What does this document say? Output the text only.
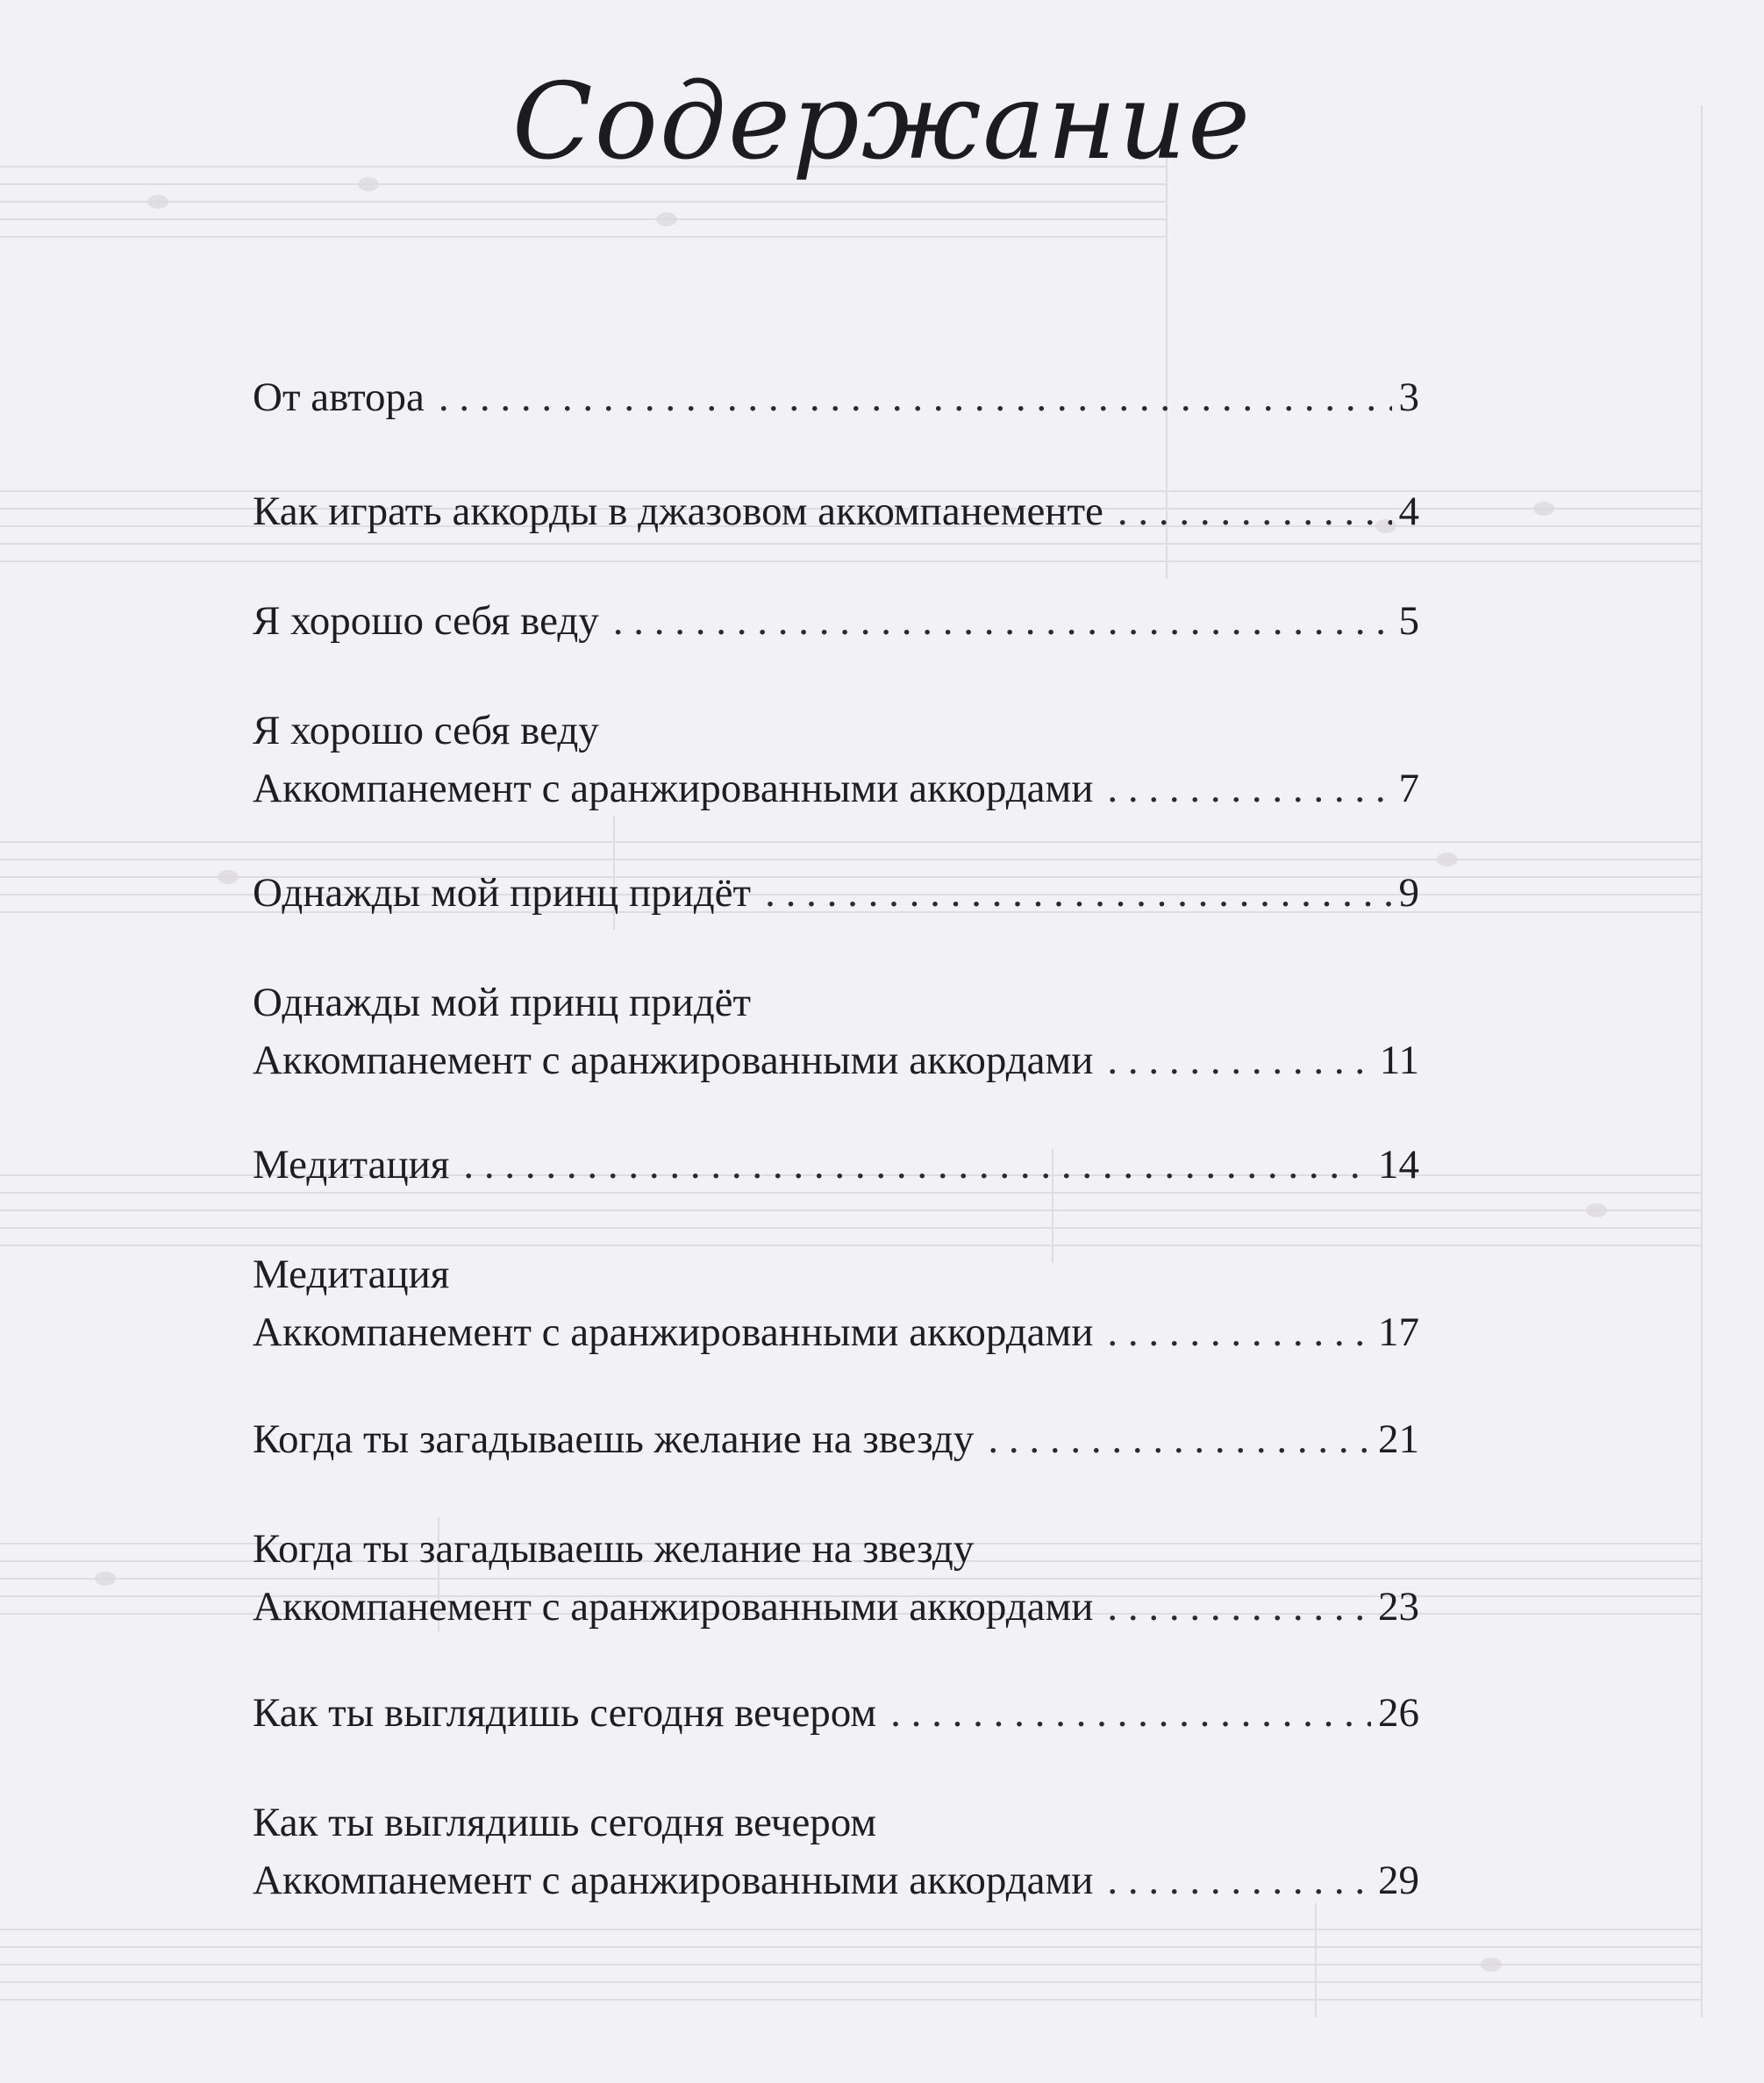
Содержание
От автора . . .	3
Как играть аккорды в джазовом аккомпанементе . . .	4
Я хорошо себя веду . . .	5
Я хорошо себя веду
Аккомпанемент с аранжированными аккордами . . .	7
Однажды мой принц придёт . . .	9
Однажды мой принц придёт
Аккомпанемент с аранжированными аккордами . . .	11
Медитация . . .	14
Медитация
Аккомпанемент с аранжированными аккордами . . .	17
Когда ты загадываешь желание на звезду . . .	21
Когда ты загадываешь желание на звезду
Аккомпанемент с аранжированными аккордами . . .	23
Как ты выглядишь сегодня вечером . . .	26
Как ты выглядишь сегодня вечером
Аккомпанемент с аранжированными аккордами . . .	29
